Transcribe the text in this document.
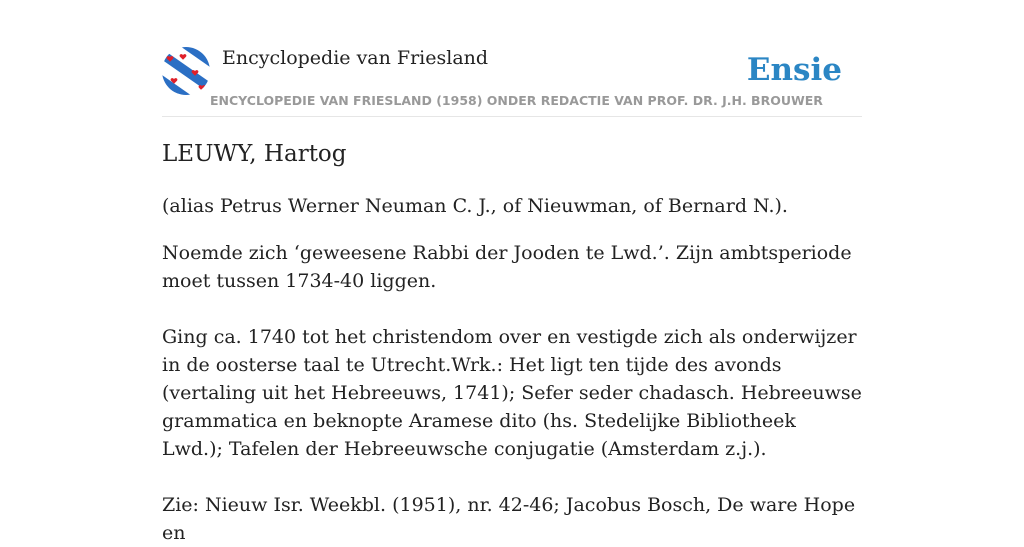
Encyclopedie van Friesland	Ensie
ENCYCLOPEDIE VAN FRIESLAND (1958) ONDER REDACTIE VAN PROF. DR. J.H. BROUWER
LEUWY, Hartog

(alias Petrus Werner Neuman C. J., of Nieuwman, of Bernard N.).

Noemde zich ‘geweesene Rabbi der Jooden te Lwd.’. Zijn ambtsperiode moet tussen 1734-40 liggen.

Ging ca. 1740 tot het christendom over en vestigde zich als onderwijzer in de oosterse taal te Utrecht.Wrk.: Het ligt ten tijde des avonds (vertaling uit het Hebreeuws, 1741); Sefer seder chadasch. Hebreeuwse grammatica en beknopte Aramese dito (hs. Stedelijke Bibliotheek Lwd.); Tafelen der Hebreeuwsche conjugatie (Amsterdam z.j.).

Zie: Nieuw Isr. Weekbl. (1951), nr. 42-46; Jacobus Bosch, De ware Hope en
